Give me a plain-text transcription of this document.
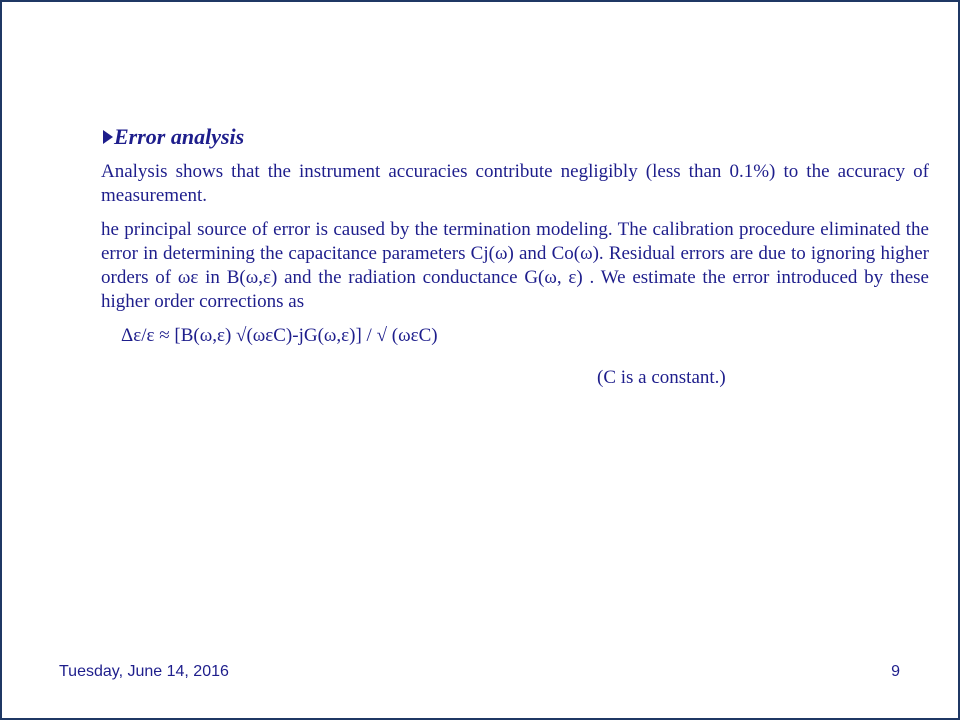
Error analysis

Analysis shows that the instrument accuracies contribute negligibly (less than 0.1%) to the accuracy of measurement.

he principal source of error is caused by the termination modeling. The calibration procedure eliminated the error in determining the capacitance parameters Cj(ω) and Co(ω). Residual errors are due to ignoring higher orders of ωε in B(ω,ε) and the radiation conductance G(ω, ε) . We estimate the error introduced by these higher order corrections as

Δε/ε ≈ [B(ω,ε) √(ωεC)-jG(ω,ε)] / √ (ωεC)
(C is a constant.)
Tuesday, June 14, 2016	9
